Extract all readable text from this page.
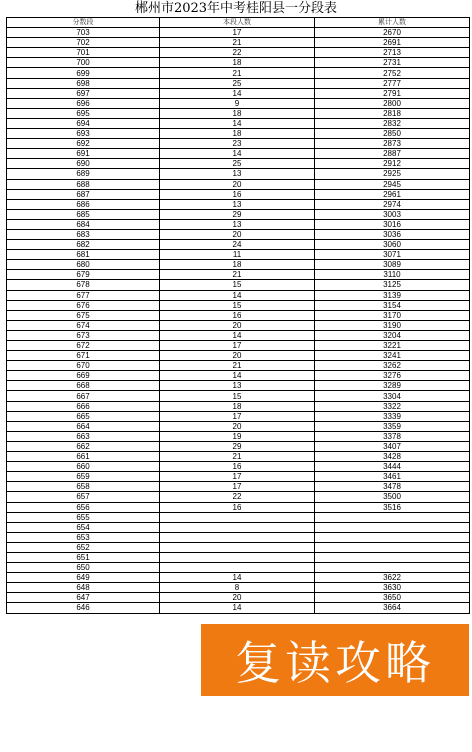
郴州市2023年中考桂阳县一分段表
分数段	本段人数	累计人数
703	17	2670
702	21	2691
701	22	2713
700	18	2731
699	21	2752
698	25	2777
697	14	2791
696	9	2800
695	18	2818
694	14	2832
693	18	2850
692	23	2873
691	14	2887
690	25	2912
689	13	2925
688	20	2945
687	16	2961
686	13	2974
685	29	3003
684	13	3016
683	20	3036
682	24	3060
681	11	3071
680	18	3089
679	21	3110
678	15	3125
677	14	3139
676	15	3154
675	16	3170
674	20	3190
673	14	3204
672	17	3221
671	20	3241
670	21	3262
669	14	3276
668	13	3289
667	15	3304
666	18	3322
665	17	3339
664	20	3359
663	19	3378
662	29	3407
661	21	3428
660	16	3444
659	17	3461
658	17	3478
657	22	3500
656	16	3516
655		
654		
653		
652		
651		
650		
649	14	3622
648	8	3630
647	20	3650
646	14	3664
复读攻略
